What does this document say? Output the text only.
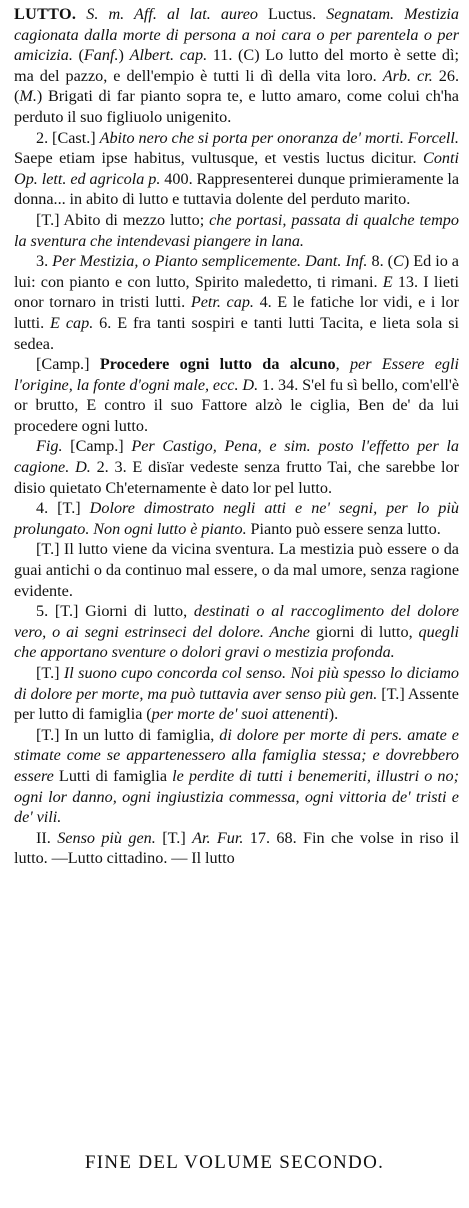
LUTTO. S. m. Aff. al lat. aureo Luctus. Segnatam. Mestizia cagionata dalla morte di persona a noi cara o per parentela o per amicizia. (Fanf.) Albert. cap. 11. (C) Lo lutto del morto è sette dì; ma del pazzo, e dell'empio è tutti li dì della vita loro. Arb. cr. 26. (M.) Brigati di far pianto sopra te, e lutto amaro, come colui ch'ha perduto il suo figliuolo unigenito.

2. [Cast.] Abito nero che si porta per onoranza de' morti. Forcell. Saepe etiam ipse habitus, vultusque, et vestis luctus dicitur. Conti Op. lett. ed agricola p. 400. Rappresenterei dunque primieramente la donna... in abito di lutto e tuttavia dolente del perduto marito.

[T.] Abito di mezzo lutto; che portasi, passata di qualche tempo la sventura che intendevasi piangere in lana.

3. Per Mestizia, o Pianto semplicemente. Dant. Inf. 8. (C) Ed io a lui: con pianto e con lutto, Spirito maledetto, ti rimani. E 13. I lieti onor tornaro in tristi lutti. Petr. cap. 4. E le fatiche lor vidi, e i lor lutti. E cap. 6. E fra tanti sospiri e tanti lutti Tacita, e lieta sola si sedea.

[Camp.] Procedere ogni lutto da alcuno, per Essere egli l'origine, la fonte d'ogni male, ecc. D. 1. 34. S'el fu sì bello, com'ell'è or brutto, E contro il suo Fattore alzò le ciglia, Ben de' da lui procedere ogni lutto.

Fig. [Camp.] Per Castigo, Pena, e sim. posto l'effetto per la cagione. D. 2. 3. E disïar vedeste senza frutto Tai, che sarebbe lor disio quietato Ch'eternamente è dato lor pel lutto.

4. [T.] Dolore dimostrato negli atti e ne' segni, per lo più prolungato. Non ogni lutto è pianto. Pianto può essere senza lutto.

[T.] Il lutto viene da vicina sventura. La mestizia può essere o da guai antichi o da continuo mal essere, o da mal umore, senza ragione evidente.

5. [T.] Giorni di lutto, destinati o al raccoglimento del dolore vero, o ai segni estrinseci del dolore. Anche giorni di lutto, quegli che apportano sventure o dolori gravi o mestizia profonda.

[T.] Il suono cupo concorda col senso. Noi più spesso lo diciamo di dolore per morte, ma può tuttavia aver senso più gen. [T.] Assente per lutto di famiglia (per morte de' suoi attenenti).

[T.] In un lutto di famiglia, di dolore per morte di pers. amate e stimate come se appartenessero alla famiglia stessa; e dovrebbero essere Lutti di famiglia le perdite di tutti i benemeriti, illustri o no; ogni lor danno, ogni ingiustizia commessa, ogni vittoria de' tristi e de' vili.

II. Senso più gen. [T.] Ar. Fur. 17. 68. Fin che volse in riso il lutto. —Lutto cittadino. — Il lutto

FINE DEL VOLUME SECONDO.
